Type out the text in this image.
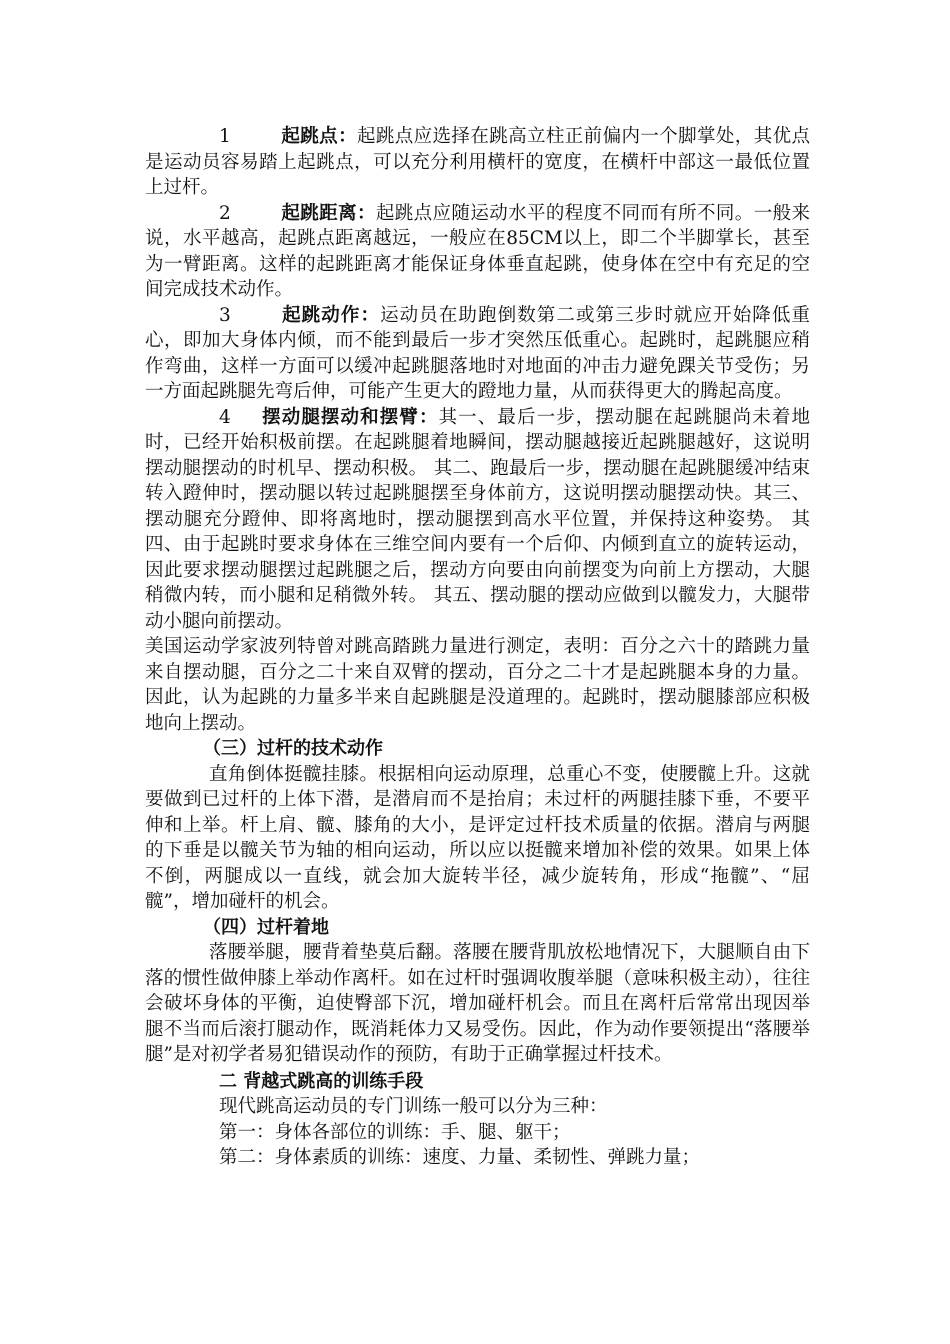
1	起跳点：起跳点应选择在跳高立柱正前偏内一个脚掌处，其优点是运动员容易踏上起跳点，可以充分利用横杆的宽度，在横杆中部这一最低位置上过杆。

2	起跳距离：起跳点应随运动水平的程度不同而有所不同。一般来说，水平越高，起跳点距离越远，一般应在85CM以上，即二个半脚掌长，甚至为一臂距离。这样的起跳距离才能保证身体垂直起跳，使身体在空中有充足的空间完成技术动作。

3	起跳动作：运动员在助跑倒数第二或第三步时就应开始降低重心，即加大身体内倾，而不能到最后一步才突然压低重心。起跳时，起跳腿应稍作弯曲，这样一方面可以缓冲起跳腿落地时对地面的冲击力避免踝关节受伤；另一方面起跳腿先弯后伸，可能产生更大的蹬地力量，从而获得更大的腾起高度。

4 摆动腿摆动和摆臂：其一、最后一步，摆动腿在起跳腿尚未着地时，已经开始积极前摆。在起跳腿着地瞬间，摆动腿越接近起跳腿越好，这说明摆动腿摆动的时机早、摆动积极。 其二、跑最后一步，摆动腿在起跳腿缓冲结束转入蹬伸时，摆动腿以转过起跳腿摆至身体前方，这说明摆动腿摆动快。其三、摆动腿充分蹬伸、即将离地时，摆动腿摆到高水平位置，并保持这种姿势。 其四、由于起跳时要求身体在三维空间内要有一个后仰、内倾到直立的旋转运动，因此要求摆动腿摆过起跳腿之后，摆动方向要由向前摆变为向前上方摆动，大腿稍微内转，而小腿和足稍微外转。 其五、摆动腿的摆动应做到以髋发力，大腿带动小腿向前摆动。

美国运动学家波列特曾对跳高踏跳力量进行测定，表明：百分之六十的踏跳力量来自摆动腿，百分之二十来自双臂的摆动，百分之二十才是起跳腿本身的力量。因此，认为起跳的力量多半来自起跳腿是没道理的。起跳时，摆动腿膝部应积极地向上摆动。

（三）过杆的技术动作

直角倒体挺髋挂膝。根据相向运动原理，总重心不变，使腰髋上升。这就要做到已过杆的上体下潜，是潜肩而不是抬肩；未过杆的两腿挂膝下垂，不要平伸和上举。杆上肩、髋、膝角的大小，是评定过杆技术质量的依据。潜肩与两腿的下垂是以髋关节为轴的相向运动，所以应以挺髋来增加补偿的效果。如果上体不倒，两腿成以一直线，就会加大旋转半径，减少旋转角，形成“拖髋”、“屈髋”，增加碰杆的机会。

（四）过杆着地

落腰举腿，腰背着垫莫后翻。落腰在腰背肌放松地情况下，大腿顺自由下落的惯性做伸膝上举动作离杆。如在过杆时强调收腹举腿（意味积极主动），往往会破坏身体的平衡，迫使臀部下沉，增加碰杆机会。而且在离杆后常常出现因举腿不当而后滚打腿动作，既消耗体力又易受伤。因此，作为动作要领提出“落腰举腿”是对初学者易犯错误动作的预防，有助于正确掌握过杆技术。

二 背越式跳高的训练手段

现代跳高运动员的专门训练一般可以分为三种：

第一：身体各部位的训练：手、腿、躯干；

第二：身体素质的训练：速度、力量、柔韧性、弹跳力量；
